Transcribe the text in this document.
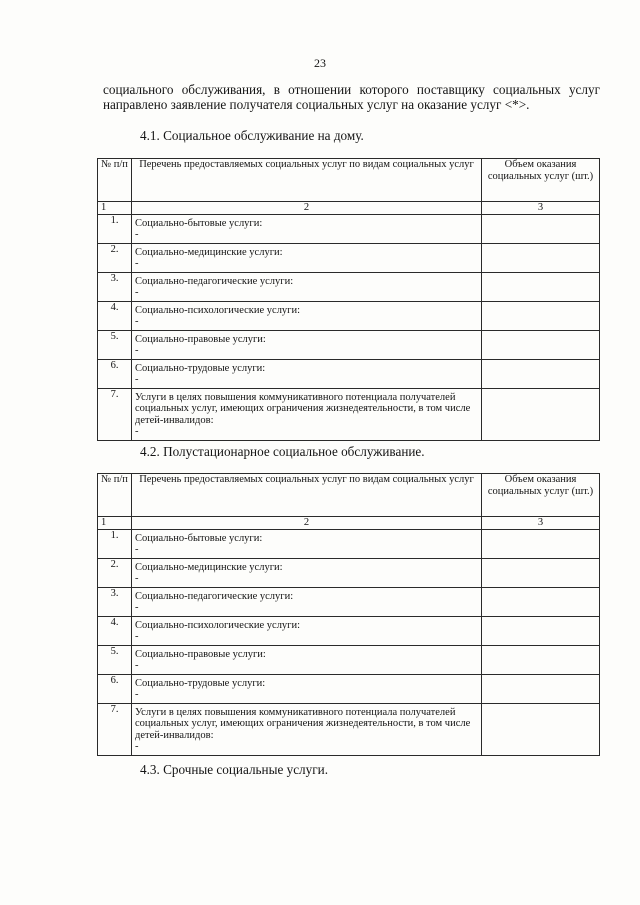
23
социального обслуживания, в отношении которого поставщику социальных услуг направлено заявление получателя социальных услуг на оказание услуг <*>.
4.1. Социальное обслуживание на дому.
№ п/п	Перечень предоставляемых социальных услуг по видам социальных услуг	Объем оказания социальных услуг (шт.)
1	2	3
1.	Социально-бытовые услуги:
-	

2.	Социально-медицинские услуги:
-	

3.	Социально-педагогические услуги:
-	

4.	Социально-психологические услуги:
-	

5.	Социально-правовые услуги:
-	

6.	Социально-трудовые услуги:
-	

7.	Услуги в целях повышения коммуникативного потенциала получателей социальных услуг, имеющих ограничения жизнедеятельности, в том числе детей-инвалидов:
-	

4.2. Полустационарное социальное обслуживание.
№ п/п	Перечень предоставляемых социальных услуг по видам социальных услуг	Объем оказания социальных услуг (шт.)
1	2	3
1.	Социально-бытовые услуги:
-	

2.	Социально-медицинские услуги:
-	

3.	Социально-педагогические услуги:
-	

4.	Социально-психологические услуги:
-	

5.	Социально-правовые услуги:
-	

6.	Социально-трудовые услуги:
-	

7.	Услуги в целях повышения коммуникативного потенциала получателей социальных услуг, имеющих ограничения жизнедеятельности, в том числе детей-инвалидов:
-	

4.3. Срочные социальные услуги.
